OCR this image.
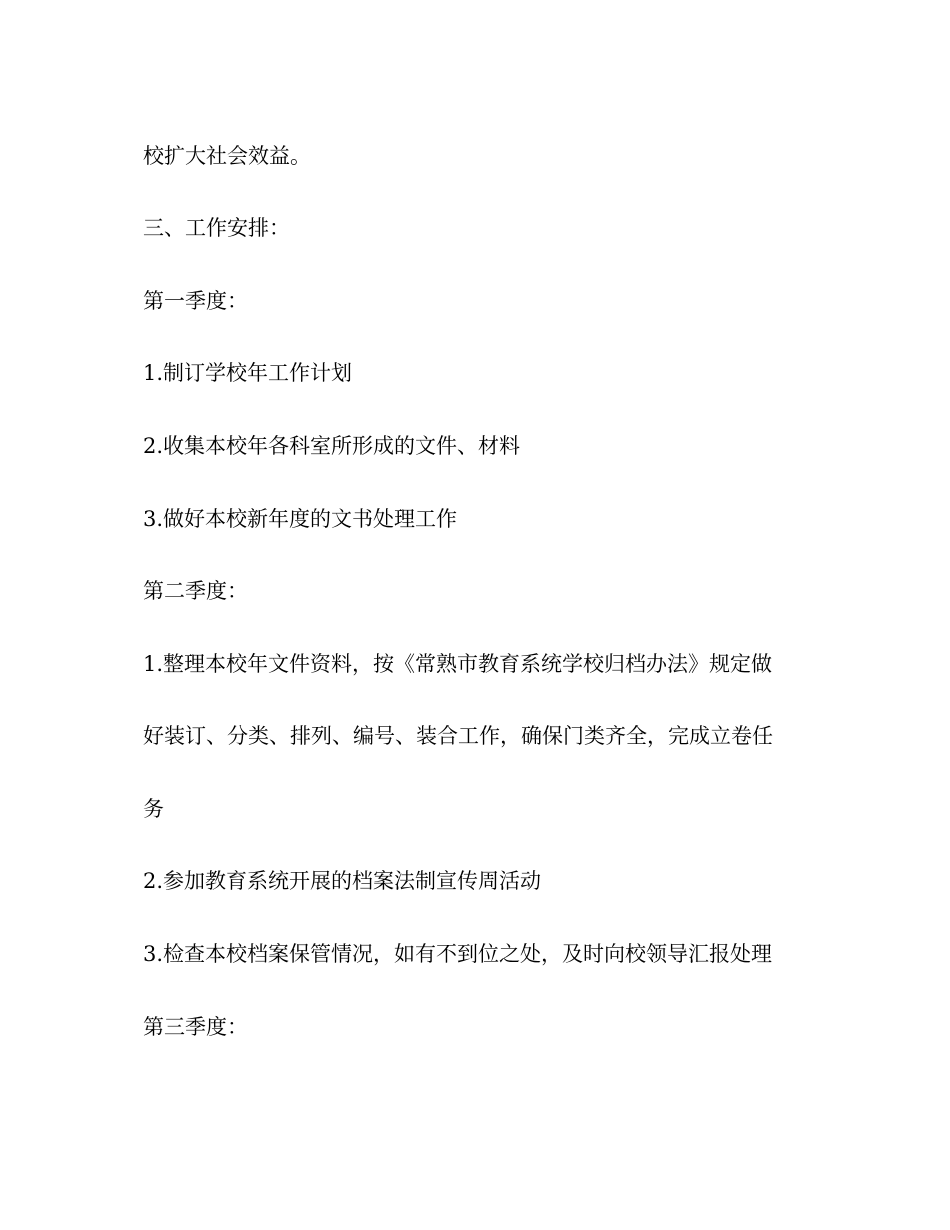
校扩大社会效益。
三、工作安排：
第一季度：
1.制订学校年工作计划
2.收集本校年各科室所形成的文件、材料
3.做好本校新年度的文书处理工作
第二季度：
1.整理本校年文件资料，按《常熟市教育系统学校归档办法》规定做
好装订、分类、排列、编号、装合工作，确保门类齐全，完成立卷任
务
2.参加教育系统开展的档案法制宣传周活动
3.检查本校档案保管情况，如有不到位之处，及时向校领导汇报处理
第三季度：
